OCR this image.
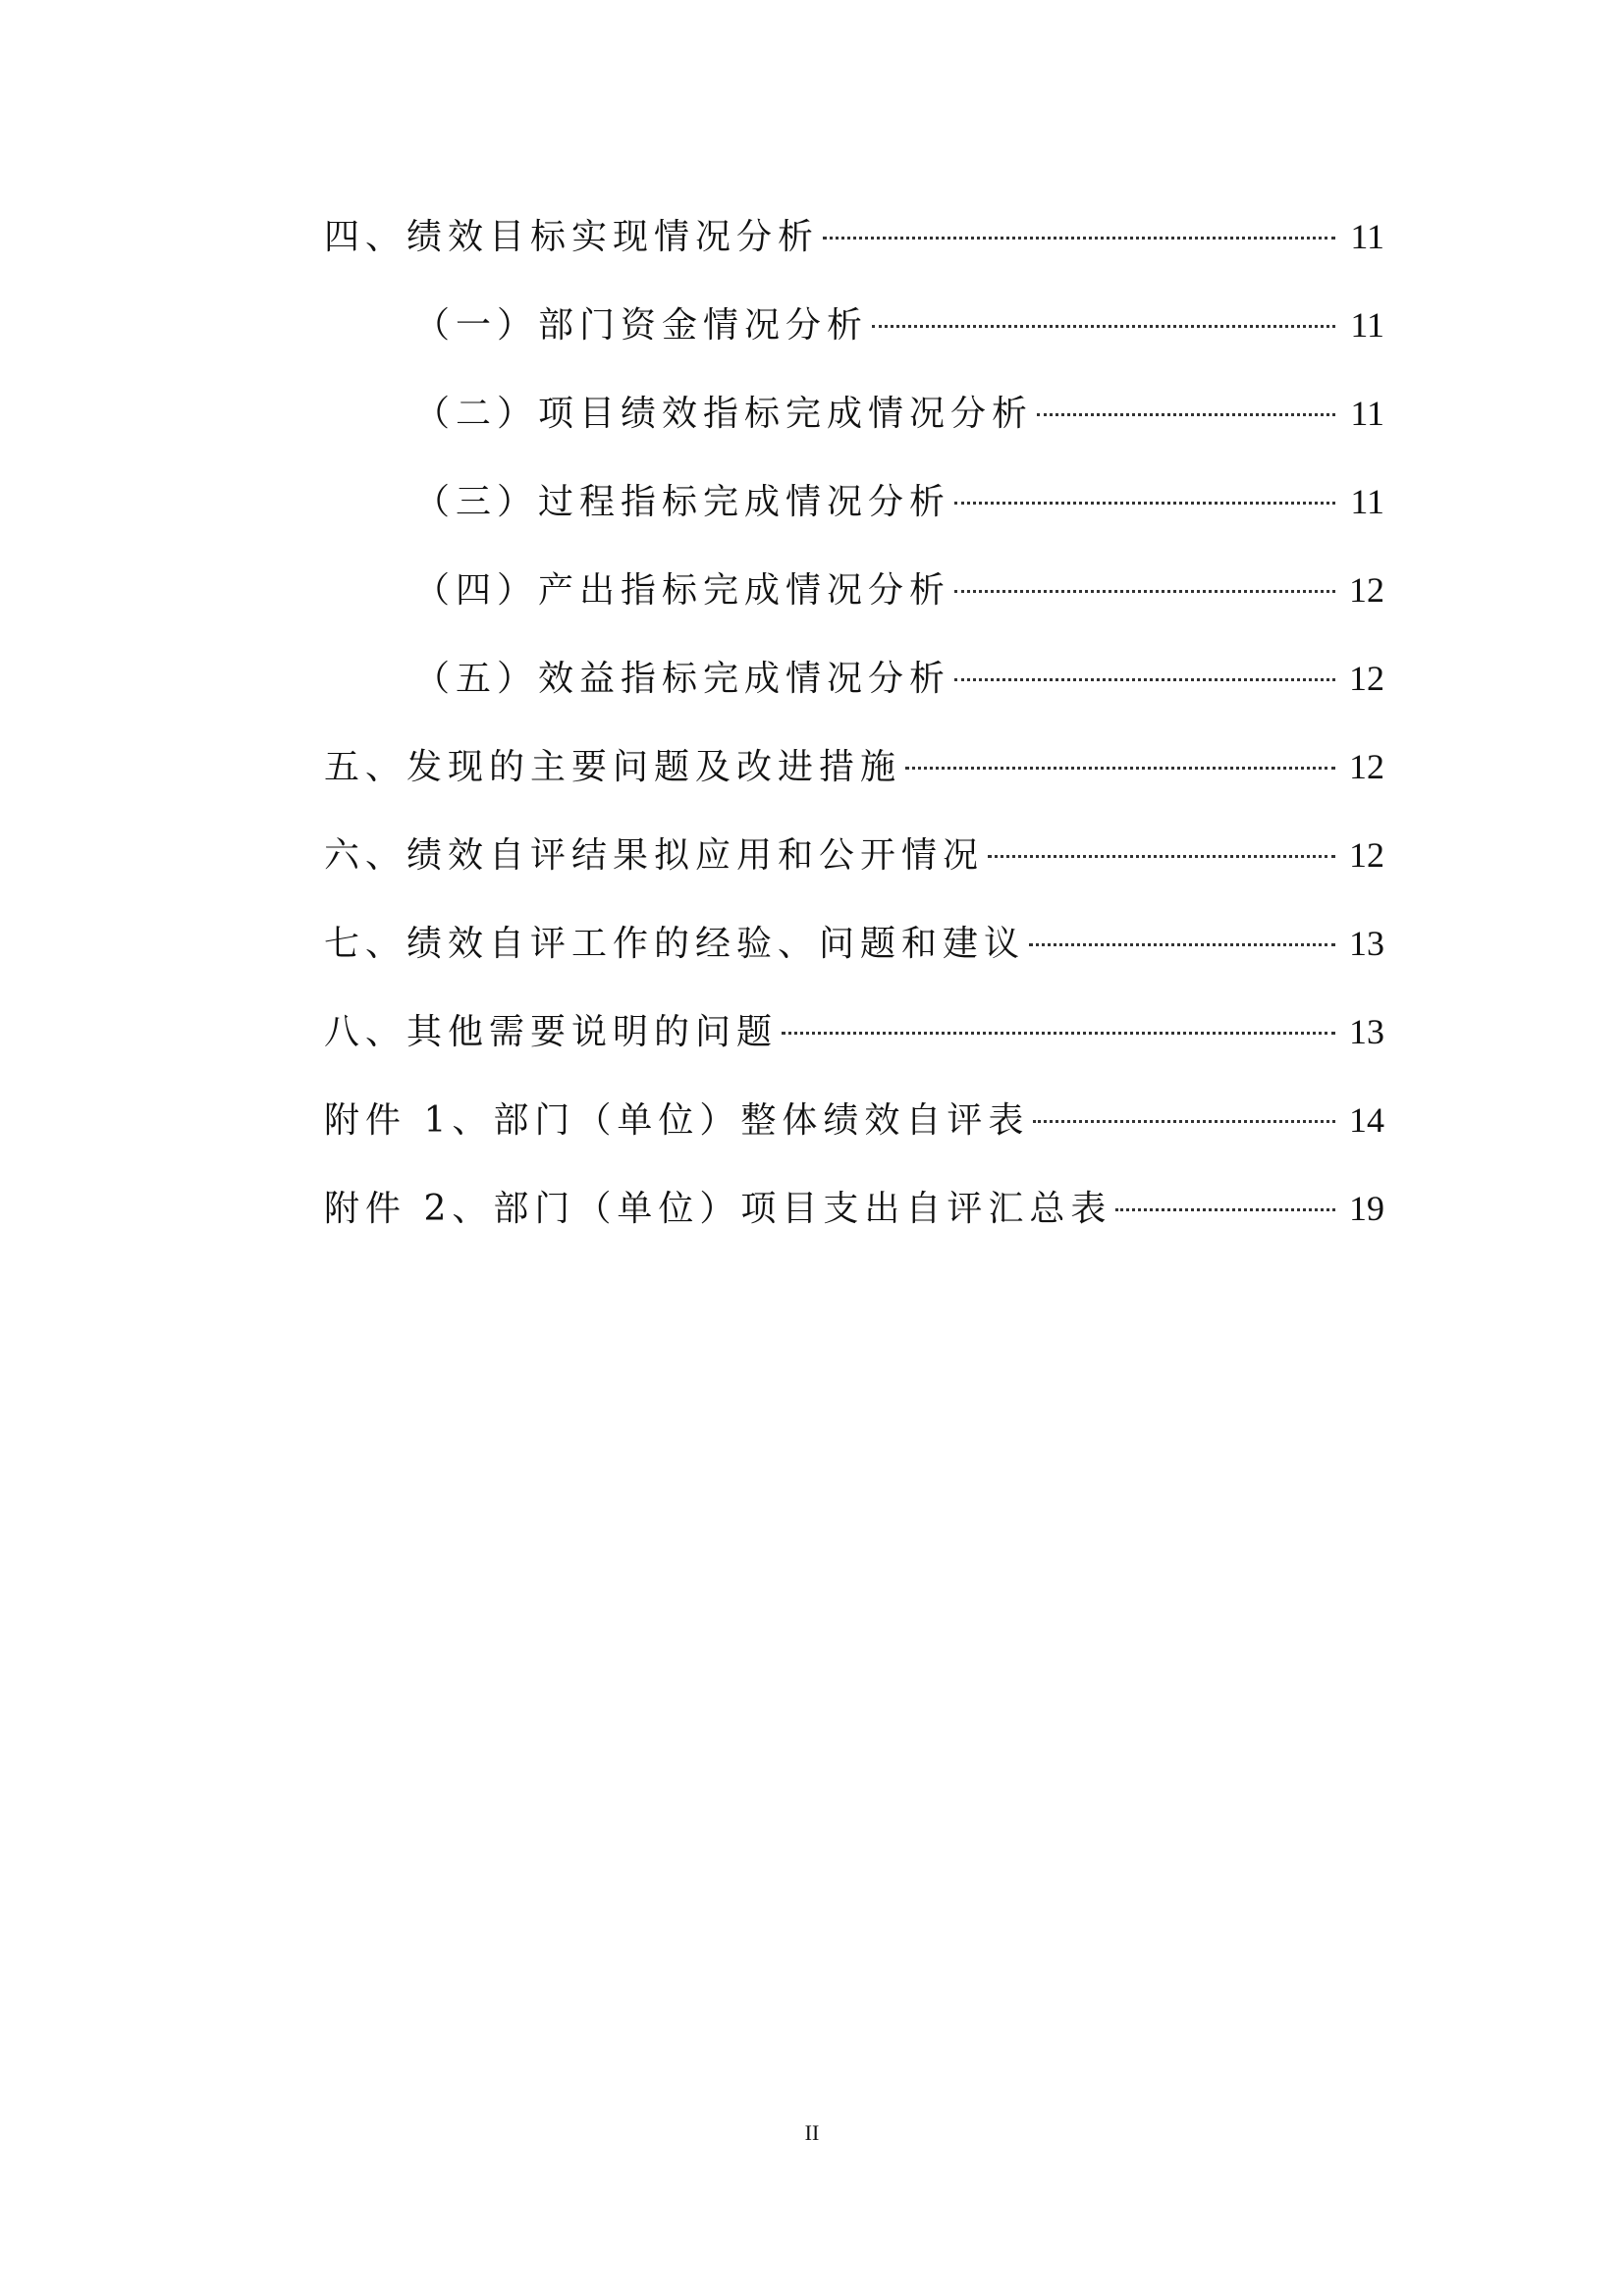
四、绩效目标实现情况分析	11
（一）部门资金情况分析	11
（二）项目绩效指标完成情况分析	11
（三）过程指标完成情况分析	11
（四）产出指标完成情况分析	12
（五）效益指标完成情况分析	12
五、发现的主要问题及改进措施	12
六、绩效自评结果拟应用和公开情况	12
七、绩效自评工作的经验、问题和建议	13
八、其他需要说明的问题	13
附件 1、部门（单位）整体绩效自评表	14
附件 2、部门（单位）项目支出自评汇总表	19
II
